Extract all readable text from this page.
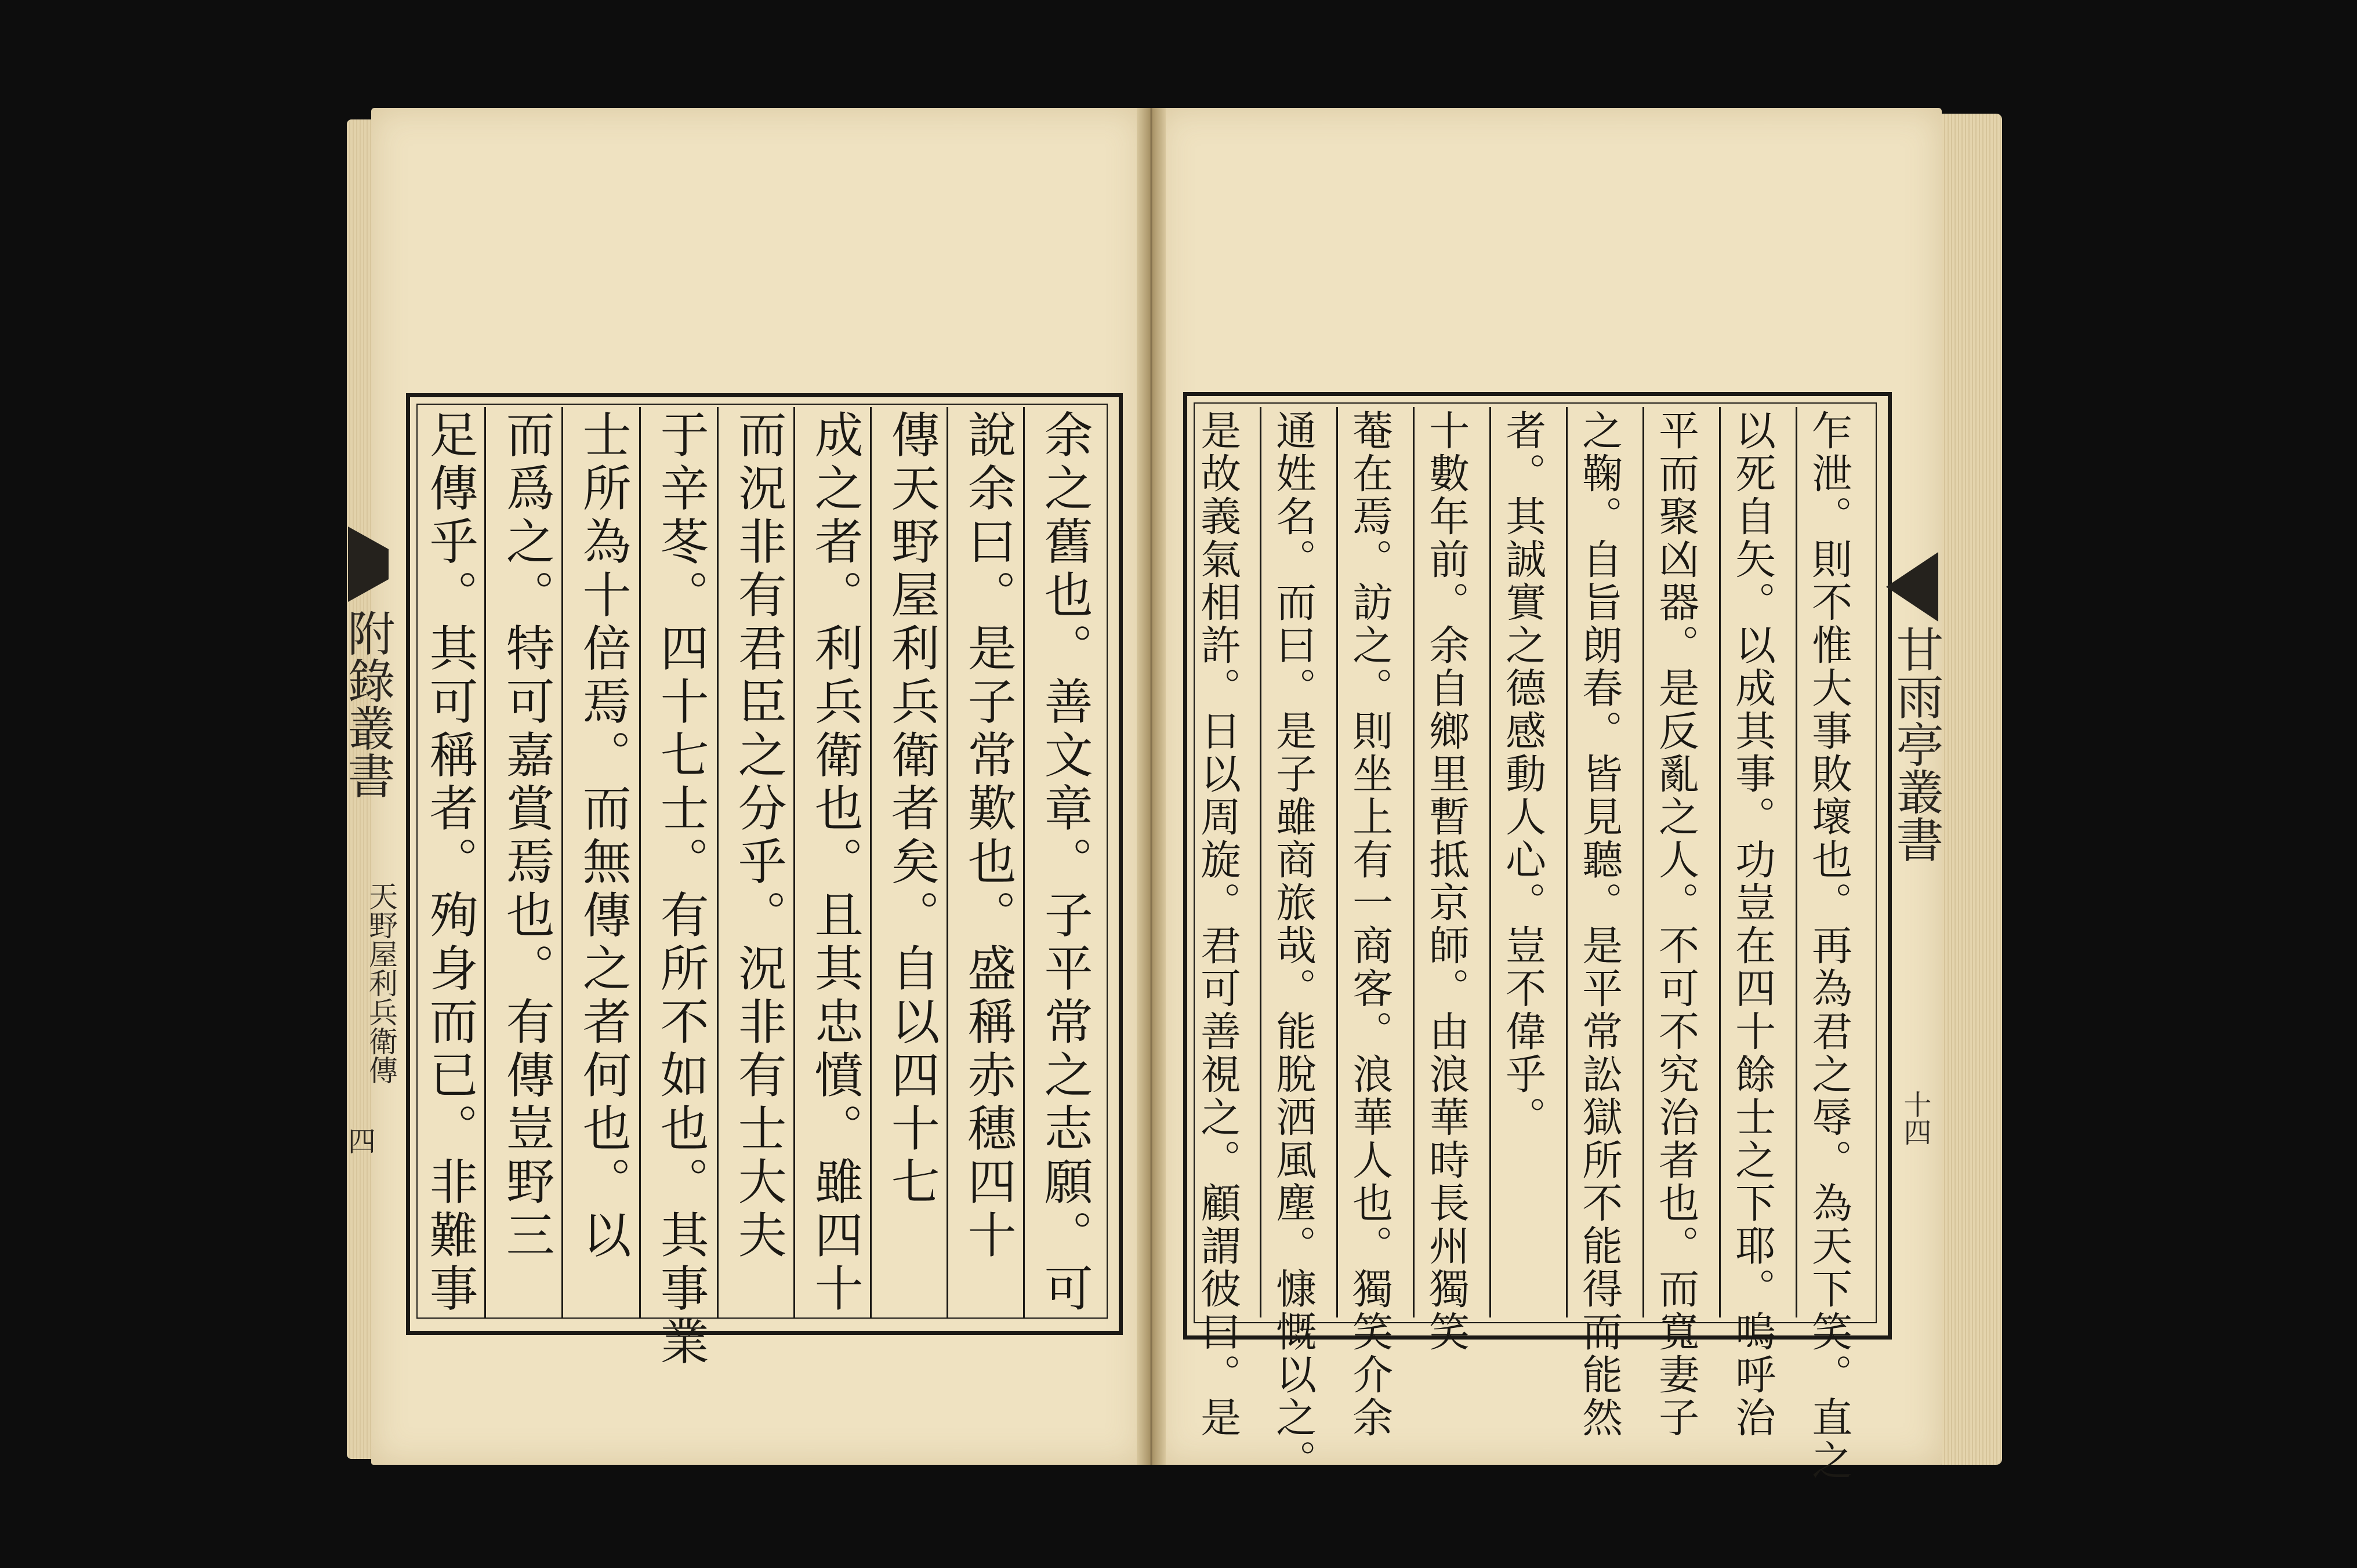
附錄叢書
天野屋利兵衛傳
四	余之舊也。善文章。子平常之志願。可
說余曰。是子常歎也。盛稱赤穗四十
傳天野屋利兵衛者矣。自以四十七
成之者。利兵衛也。且其忠憤。雖四十
而況非有君臣之分乎。況非有士大夫
于辛苳。四十七士。有所不如也。其事業
士所為十倍焉。而無傳之者何也。以
而爲之。特可嘉賞焉也。有傳豈野三
足傳乎。其可稱者。殉身而已。非難事	甘雨亭叢書
十四
乍泄。則不惟大事敗壞也。再為君之辱。為天下笑。直之
以死自矢。以成其事。功豈在四十餘士之下耶。嗚呼治
平而聚凶器。是反亂之人。不可不究治者也。而寬妻子
之鞠。自旨朗春。皆見聽。是平常訟獄所不能得而能然
者。其誠實之德感動人心。豈不偉乎。
十數年前。余自鄉里暫抵京師。由浪華時長州獨笑
菴在焉。訪之。則坐上有一商客。浪華人也。獨笑介余
通姓名。而曰。是子雖商旅哉。能脫洒風塵。慷慨以之。
是故義氣相許。日以周旋。君可善視之。顧謂彼曰。是
